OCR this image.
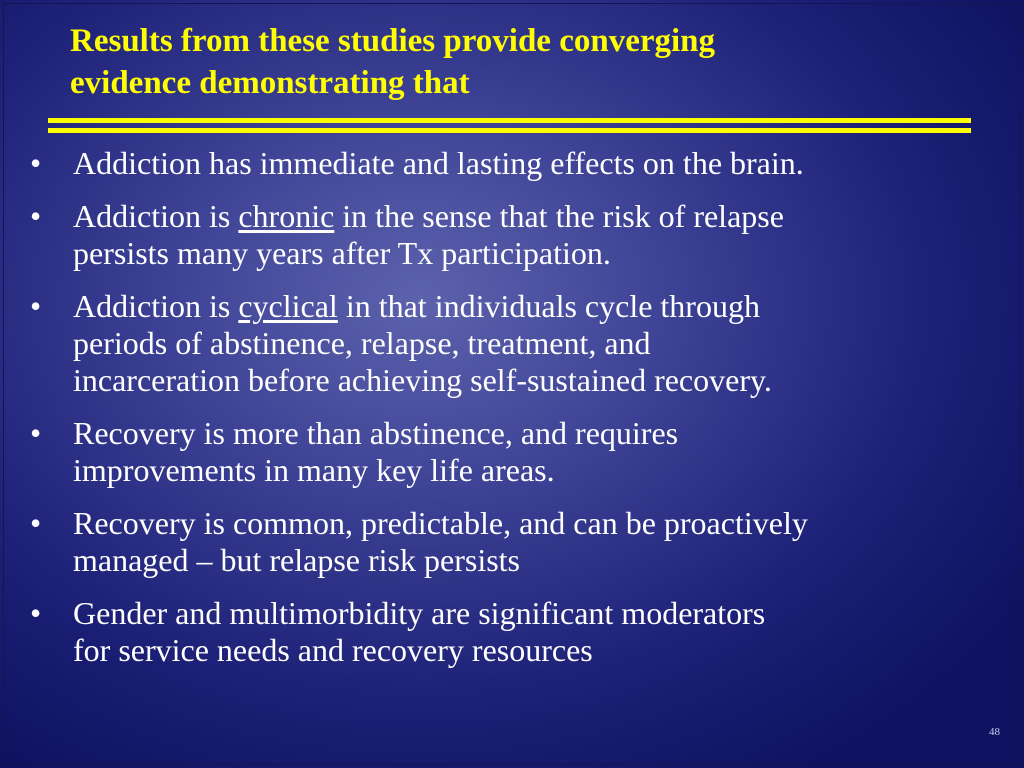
Results from these studies provide converging
evidence demonstrating that
• Addiction has immediate and lasting effects on the brain.
• Addiction is chronic in the sense that the risk of relapse
persists many years after Tx participation.
• Addiction is cyclical in that individuals cycle through
periods of abstinence, relapse, treatment, and
incarceration before achieving self-sustained recovery.
• Recovery is more than abstinence, and requires
improvements in many key life areas.
• Recovery is common, predictable, and can be proactively
managed – but relapse risk persists
• Gender and multimorbidity are significant moderators
for service needs and recovery resources
48
